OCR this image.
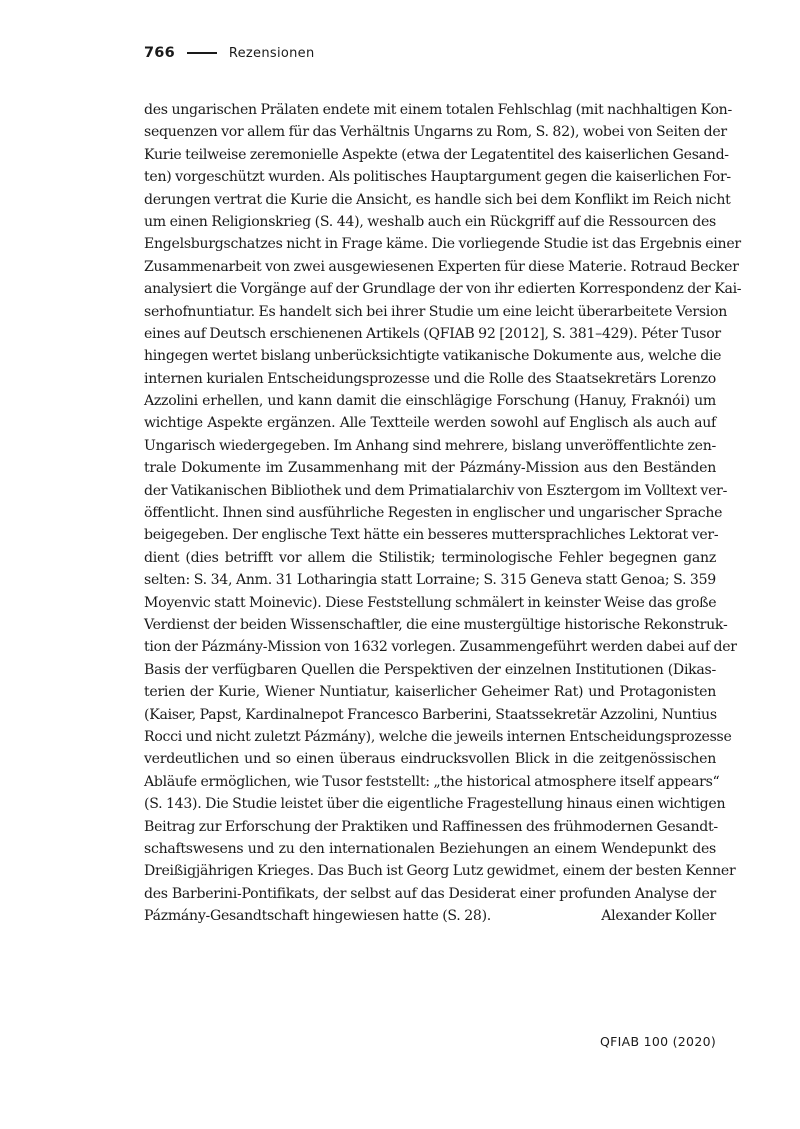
766	Rezensionen
des ungarischen Prälaten endete mit einem totalen Fehlschlag (mit nachhaltigen Kon-
sequenzen vor allem für das Verhältnis Ungarns zu Rom, S. 82), wobei von Seiten der
Kurie teilweise zeremonielle Aspekte (etwa der Legatentitel des kaiserlichen Gesand-
ten) vorgeschützt wurden. Als politisches Hauptargument gegen die kaiserlichen For-
derungen vertrat die Kurie die Ansicht, es handle sich bei dem Konflikt im Reich nicht
um einen Religionskrieg (S. 44), weshalb auch ein Rückgriff auf die Ressourcen des
Engelsburgschatzes nicht in Frage käme. Die vorliegende Studie ist das Ergebnis einer
Zusammenarbeit von zwei ausgewiesenen Experten für diese Materie. Rotraud Becker
analysiert die Vorgänge auf der Grundlage der von ihr edierten Korrespondenz der Kai-
serhofnuntiatur. Es handelt sich bei ihrer Studie um eine leicht überarbeitete Version
eines auf Deutsch erschienenen Artikels (QFIAB 92 [2012], S. 381–429). Péter Tusor
hingegen wertet bislang unberücksichtigte vatikanische Dokumente aus, welche die
internen kurialen Entscheidungsprozesse und die Rolle des Staatsekretärs Lorenzo
Azzolini erhellen, und kann damit die einschlägige Forschung (Hanuy, Fraknói) um
wichtige Aspekte ergänzen. Alle Textteile werden sowohl auf Englisch als auch auf
Ungarisch wiedergegeben. Im Anhang sind mehrere, bislang unveröffentlichte zen-
trale Dokumente im Zusammenhang mit der Pázmány-Mission aus den Beständen
der Vatikanischen Bibliothek und dem Primatialarchiv von Esztergom im Volltext ver-
öffentlicht. Ihnen sind ausführliche Regesten in englischer und ungarischer Sprache
beigegeben. Der englische Text hätte ein besseres muttersprachliches Lektorat ver-
dient (dies betrifft vor allem die Stilistik; terminologische Fehler begegnen ganz
selten: S. 34, Anm. 31 Lotharingia statt Lorraine; S. 315 Geneva statt Genoa; S. 359
Moyenvic statt Moinevic). Diese Feststellung schmälert in keinster Weise das große
Verdienst der beiden Wissenschaftler, die eine mustergültige historische Rekonstruk-
tion der Pázmány-Mission von 1632 vorlegen. Zusammengeführt werden dabei auf der
Basis der verfügbaren Quellen die Perspektiven der einzelnen Institutionen (Dikas-
terien der Kurie, Wiener Nuntiatur, kaiserlicher Geheimer Rat) und Protagonisten
(Kaiser, Papst, Kardinalnepot Francesco Barberini, Staatssekretär Azzolini, Nuntius
Rocci und nicht zuletzt Pázmány), welche die jeweils internen Entscheidungsprozesse
verdeutlichen und so einen überaus eindrucksvollen Blick in die zeitgenössischen
Abläufe ermöglichen, wie Tusor feststellt: „the historical atmosphere itself appears“
(S. 143). Die Studie leistet über die eigentliche Fragestellung hinaus einen wichtigen
Beitrag zur Erforschung der Praktiken und Raffinessen des frühmodernen Gesandt-
schaftswesens und zu den internationalen Beziehungen an einem Wendepunkt des
Dreißigjährigen Krieges. Das Buch ist Georg Lutz gewidmet, einem der besten Kenner
des Barberini-Pontifikats, der selbst auf das Desiderat einer profunden Analyse der
Pázmány-Gesandtschaft hingewiesen hatte (S. 28).	Alexander Koller
QFIAB 100 (2020)
